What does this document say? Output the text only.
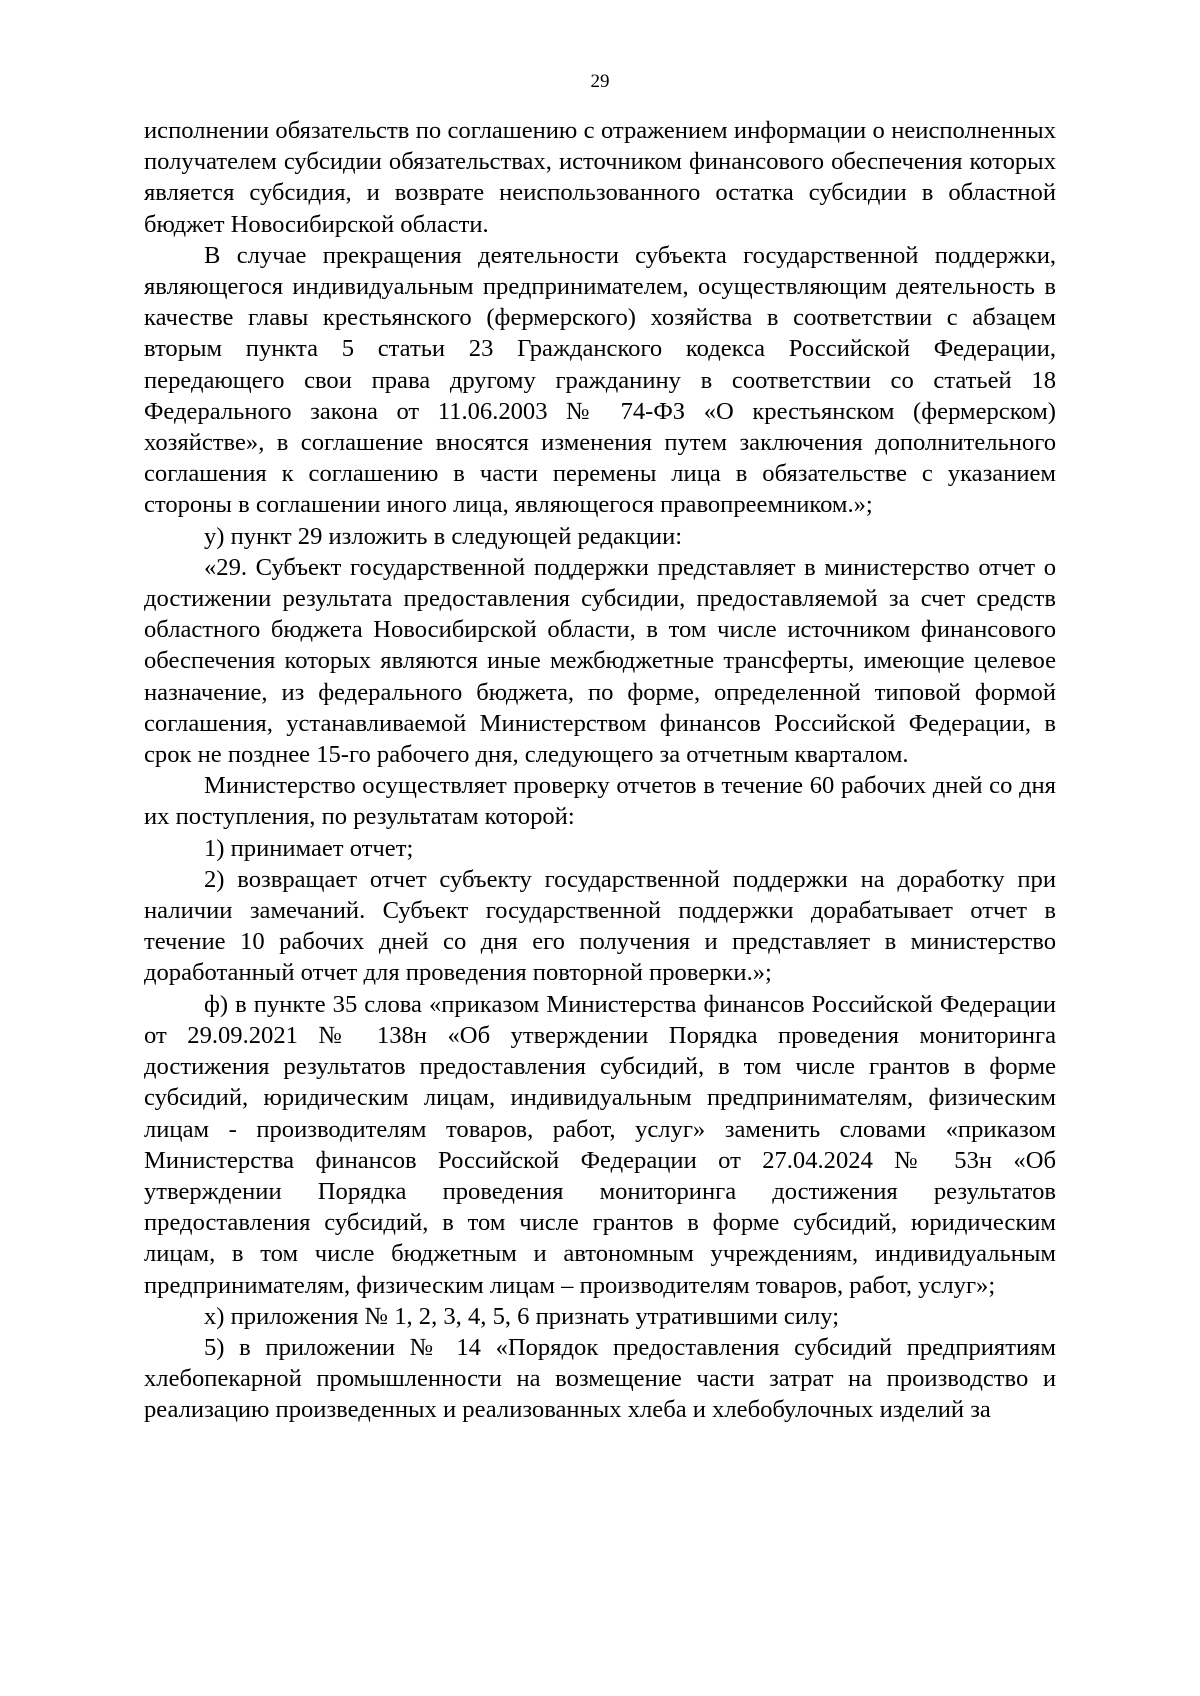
29

исполнении обязательств по соглашению с отражением информации о неисполненных получателем субсидии обязательствах, источником финансового обеспечения которых является субсидия, и возврате неиспользованного остатка субсидии в областной бюджет Новосибирской области.

В случае прекращения деятельности субъекта государственной поддержки, являющегося индивидуальным предпринимателем, осуществляющим деятельность в качестве главы крестьянского (фермерского) хозяйства в соответствии с абзацем вторым пункта 5 статьи 23 Гражданского кодекса Российской Федерации, передающего свои права другому гражданину в соответствии со статьей 18 Федерального закона от 11.06.2003 № 74-ФЗ «О крестьянском (фермерском) хозяйстве», в соглашение вносятся изменения путем заключения дополнительного соглашения к соглашению в части перемены лица в обязательстве с указанием стороны в соглашении иного лица, являющегося правопреемником.»;

у) пункт 29 изложить в следующей редакции:

«29. Субъект государственной поддержки представляет в министерство отчет о достижении результата предоставления субсидии, предоставляемой за счет средств областного бюджета Новосибирской области, в том числе источником финансового обеспечения которых являются иные межбюджетные трансферты, имеющие целевое назначение, из федерального бюджета, по форме, определенной типовой формой соглашения, устанавливаемой Министерством финансов Российской Федерации, в срок не позднее 15-го рабочего дня, следующего за отчетным кварталом.

Министерство осуществляет проверку отчетов в течение 60 рабочих дней со дня их поступления, по результатам которой:

1) принимает отчет;

2) возвращает отчет субъекту государственной поддержки на доработку при наличии замечаний. Субъект государственной поддержки дорабатывает отчет в течение 10 рабочих дней со дня его получения и представляет в министерство доработанный отчет для проведения повторной проверки.»;

ф) в пункте 35 слова «приказом Министерства финансов Российской Федерации от 29.09.2021 № 138н «Об утверждении Порядка проведения мониторинга достижения результатов предоставления субсидий, в том числе грантов в форме субсидий, юридическим лицам, индивидуальным предпринимателям, физическим лицам - производителям товаров, работ, услуг» заменить словами «приказом Министерства финансов Российской Федерации от 27.04.2024 № 53н «Об утверждении Порядка проведения мониторинга достижения результатов предоставления субсидий, в том числе грантов в форме субсидий, юридическим лицам, в том числе бюджетным и автономным учреждениям, индивидуальным предпринимателям, физическим лицам – производителям товаров, работ, услуг»;

х) приложения № 1, 2, 3, 4, 5, 6 признать утратившими силу;

5) в приложении № 14 «Порядок предоставления субсидий предприятиям хлебопекарной промышленности на возмещение части затрат на производство и реализацию произведенных и реализованных хлеба и хлебобулочных изделий за
